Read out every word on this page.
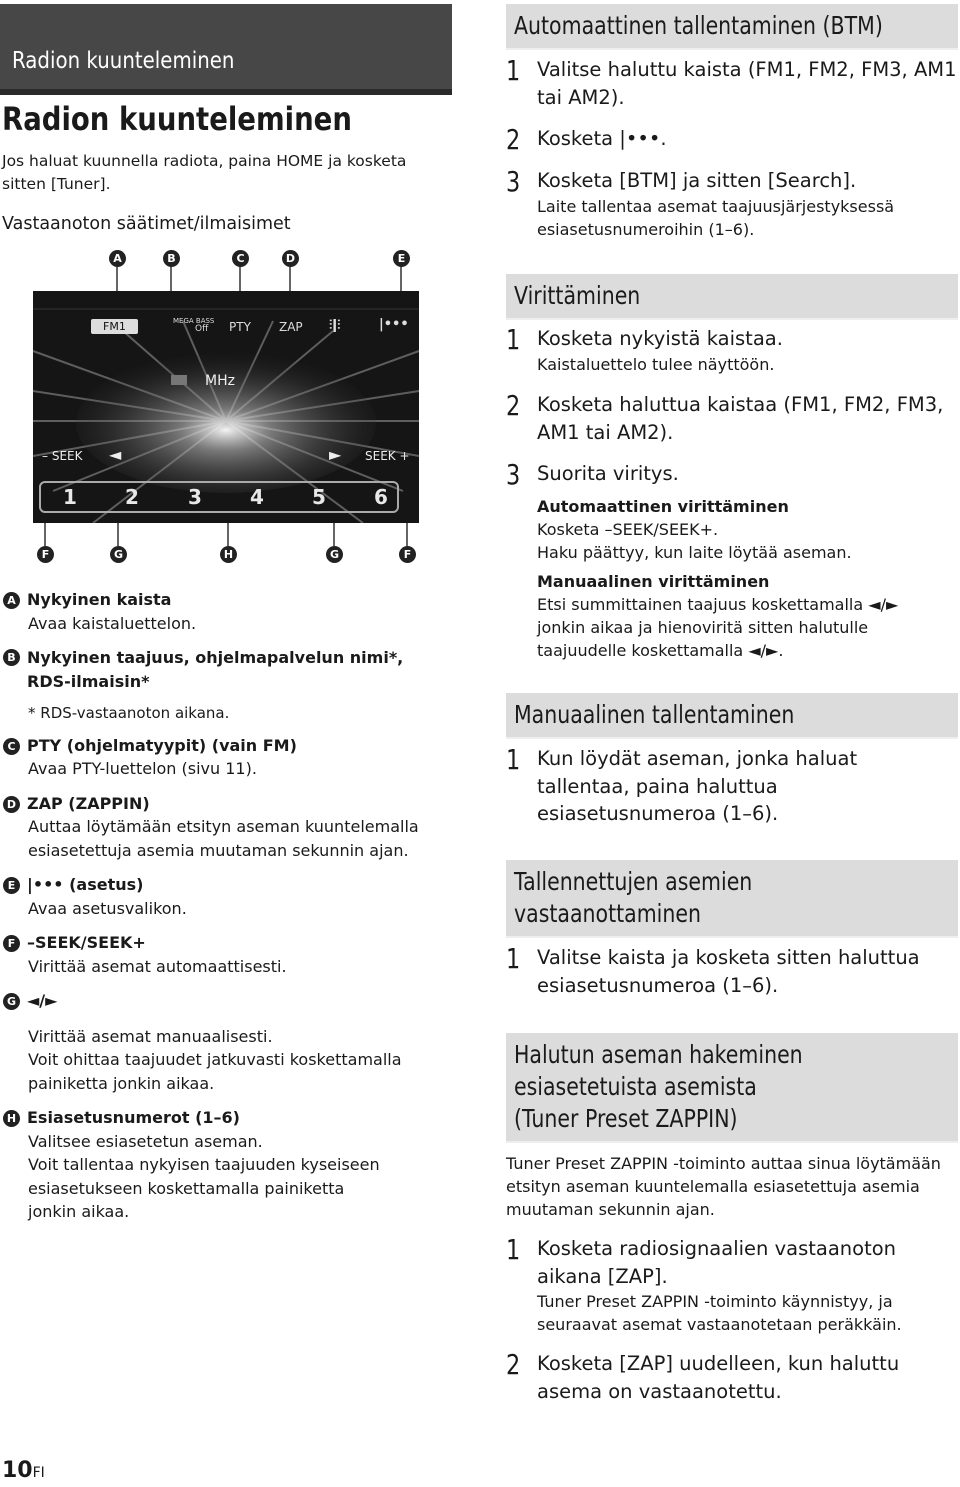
Radion kuunteleminen
Radion kuunteleminen
Jos haluat kuunnella radiota, paina HOME ja kosketa sitten [Tuner].
Vastaanoton säätimet/ilmaisimet
A	B	C	D	E
FM1	MEGA BASS
Off PTY ZAP ⫶ǀ⫶	|•••
MHz
– SEEK ◄	► SEEK +
1	2	3	4	5	6
F	G	H	G	F
A Nykyinen kaista
Avaa kaistaluettelon.
B Nykyinen taajuus, ohjelmapalvelun nimi*, RDS-ilmaisin*
* RDS-vastaanoton aikana.
C PTY (ohjelmatyypit) (vain FM)
Avaa PTY-luettelon (sivu 11).
D ZAP (ZAPPIN)
Auttaa löytämään etsityn aseman kuuntelemalla esiasetettuja asemia muutaman sekunnin ajan.
E |••• (asetus)
Avaa asetusvalikon.
F –SEEK/SEEK+
Virittää asemat automaattisesti.
G ◄/►
Virittää asemat manuaalisesti.
Voit ohittaa taajuudet jatkuvasti koskettamalla painiketta jonkin aikaa.
H Esiasetusnumerot (1–6)
Valitsee esiasetetun aseman.
Voit tallentaa nykyisen taajuuden kyseiseen esiasetukseen koskettamalla painiketta jonkin aikaa.
Automaattinen tallentaminen (BTM)
1 Valitse haluttu kaista (FM1, FM2, FM3, AM1 tai AM2).
2 Kosketa |•••.
3 Kosketa [BTM] ja sitten [Search].
Laite tallentaa asemat taajuusjärjestyksessä esiasetusnumeroihin (1–6).
Virittäminen
1 Kosketa nykyistä kaistaa.
Kaistaluettelo tulee näyttöön.
2 Kosketa haluttua kaistaa (FM1, FM2, FM3, AM1 tai AM2).
3 Suorita viritys.
Automaattinen virittäminen
Kosketa –SEEK/SEEK+.
Haku päättyy, kun laite löytää aseman.
Manuaalinen virittäminen
Etsi summittainen taajuus koskettamalla ◄/► jonkin aikaa ja hienoviritä sitten halutulle taajuudelle koskettamalla ◄/►.
Manuaalinen tallentaminen
1 Kun löydät aseman, jonka haluat tallentaa, paina haluttua esiasetusnumeroa (1–6).
Tallennettujen asemien
vastaanottaminen
1 Valitse kaista ja kosketa sitten haluttua esiasetusnumeroa (1–6).
Halutun aseman hakeminen
esiasetetuista asemista
(Tuner Preset ZAPPIN)
Tuner Preset ZAPPIN -toiminto auttaa sinua löytämään etsityn aseman kuuntelemalla esiasetettuja asemia muutaman sekunnin ajan.
1 Kosketa radiosignaalien vastaanoton aikana [ZAP].
Tuner Preset ZAPPIN -toiminto käynnistyy, ja seuraavat asemat vastaanotetaan peräkkäin.
2 Kosketa [ZAP] uudelleen, kun haluttu asema on vastaanotettu.
10FI
